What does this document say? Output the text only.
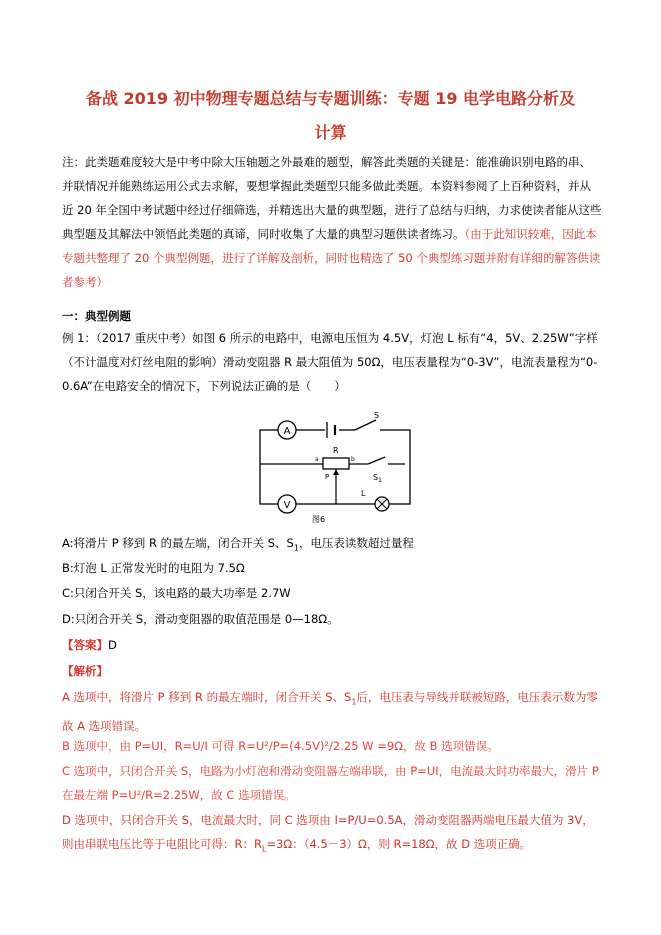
备战 2019 初中物理专题总结与专题训练：专题 19 电学电路分析及
计算
注：此类题难度较大是中考中除大压轴题之外最难的题型，解答此类题的关键是：能准确识别电路的串、并联情况并能熟练运用公式去求解，要想掌握此类题型只能多做此类题。本资料参阅了上百种资料，并从近 20 年全国中考试题中经过仔细筛选，并精选出大量的典型题，进行了总结与归纳，力求使读者能从这些典型题及其解法中领悟此类题的真谛，同时收集了大量的典型习题供读者练习。（由于此知识较难，因此本专题共整理了 20 个典型例题，进行了详解及剖析，同时也精选了 50 个典型练习题并附有详细的解答供读者参考）
一：典型例题
例 1：（2017 重庆中考）如图 6 所示的电路中，电源电压恒为 4.5V，灯泡 L 标有“4，5V、2.25W”字样（不计温度对灯丝电阻的影响）滑动变阻器 R 最大阻值为 50Ω，电压表量程为“0-3V”，电流表量程为“0-0.6A”在电路安全的情况下，下列说法正确的是（　　）
A
S
R
a	b
P	$S_1$
V
L
图6
A:将滑片 P 移到 R 的最左端，闭合开关 S、$S_1$，电压表读数超过量程
B:灯泡 L 正常发光时的电阻为 7.5Ω
C:只闭合开关 S，该电路的最大功率是 2.7W
D:只闭合开关 S，滑动变阻器的取值范围是 0—18Ω。
【答案】D
【解析】
A 选项中，将滑片 P 移到 R 的最左端时，闭合开关 S、$S_1$后，电压表与导线并联被短路，电压表示数为零故 A 选项错误。
B 选项中，由 P=UI，R=U/I 可得 R=U²/P=(4.5V)²/2.25 W =9Ω，故 B 选项错误。
C 选项中，只闭合开关 S，电路为小灯泡和滑动变阻器左端串联，由 P=UI，电流最大时功率最大，滑片 P 在最左端 P=U²/R=2.25W，故 C 选项错误。
D 选项中，只闭合开关 S，电流最大时，同 C 选项由 I=P/U=0.5A，滑动变阻器两端电压最大值为 3V，则由串联电压比等于电阻比可得：R：$R_L=3\Omega$：（4.5－3）Ω，则 R=18Ω，故 D 选项正确。
